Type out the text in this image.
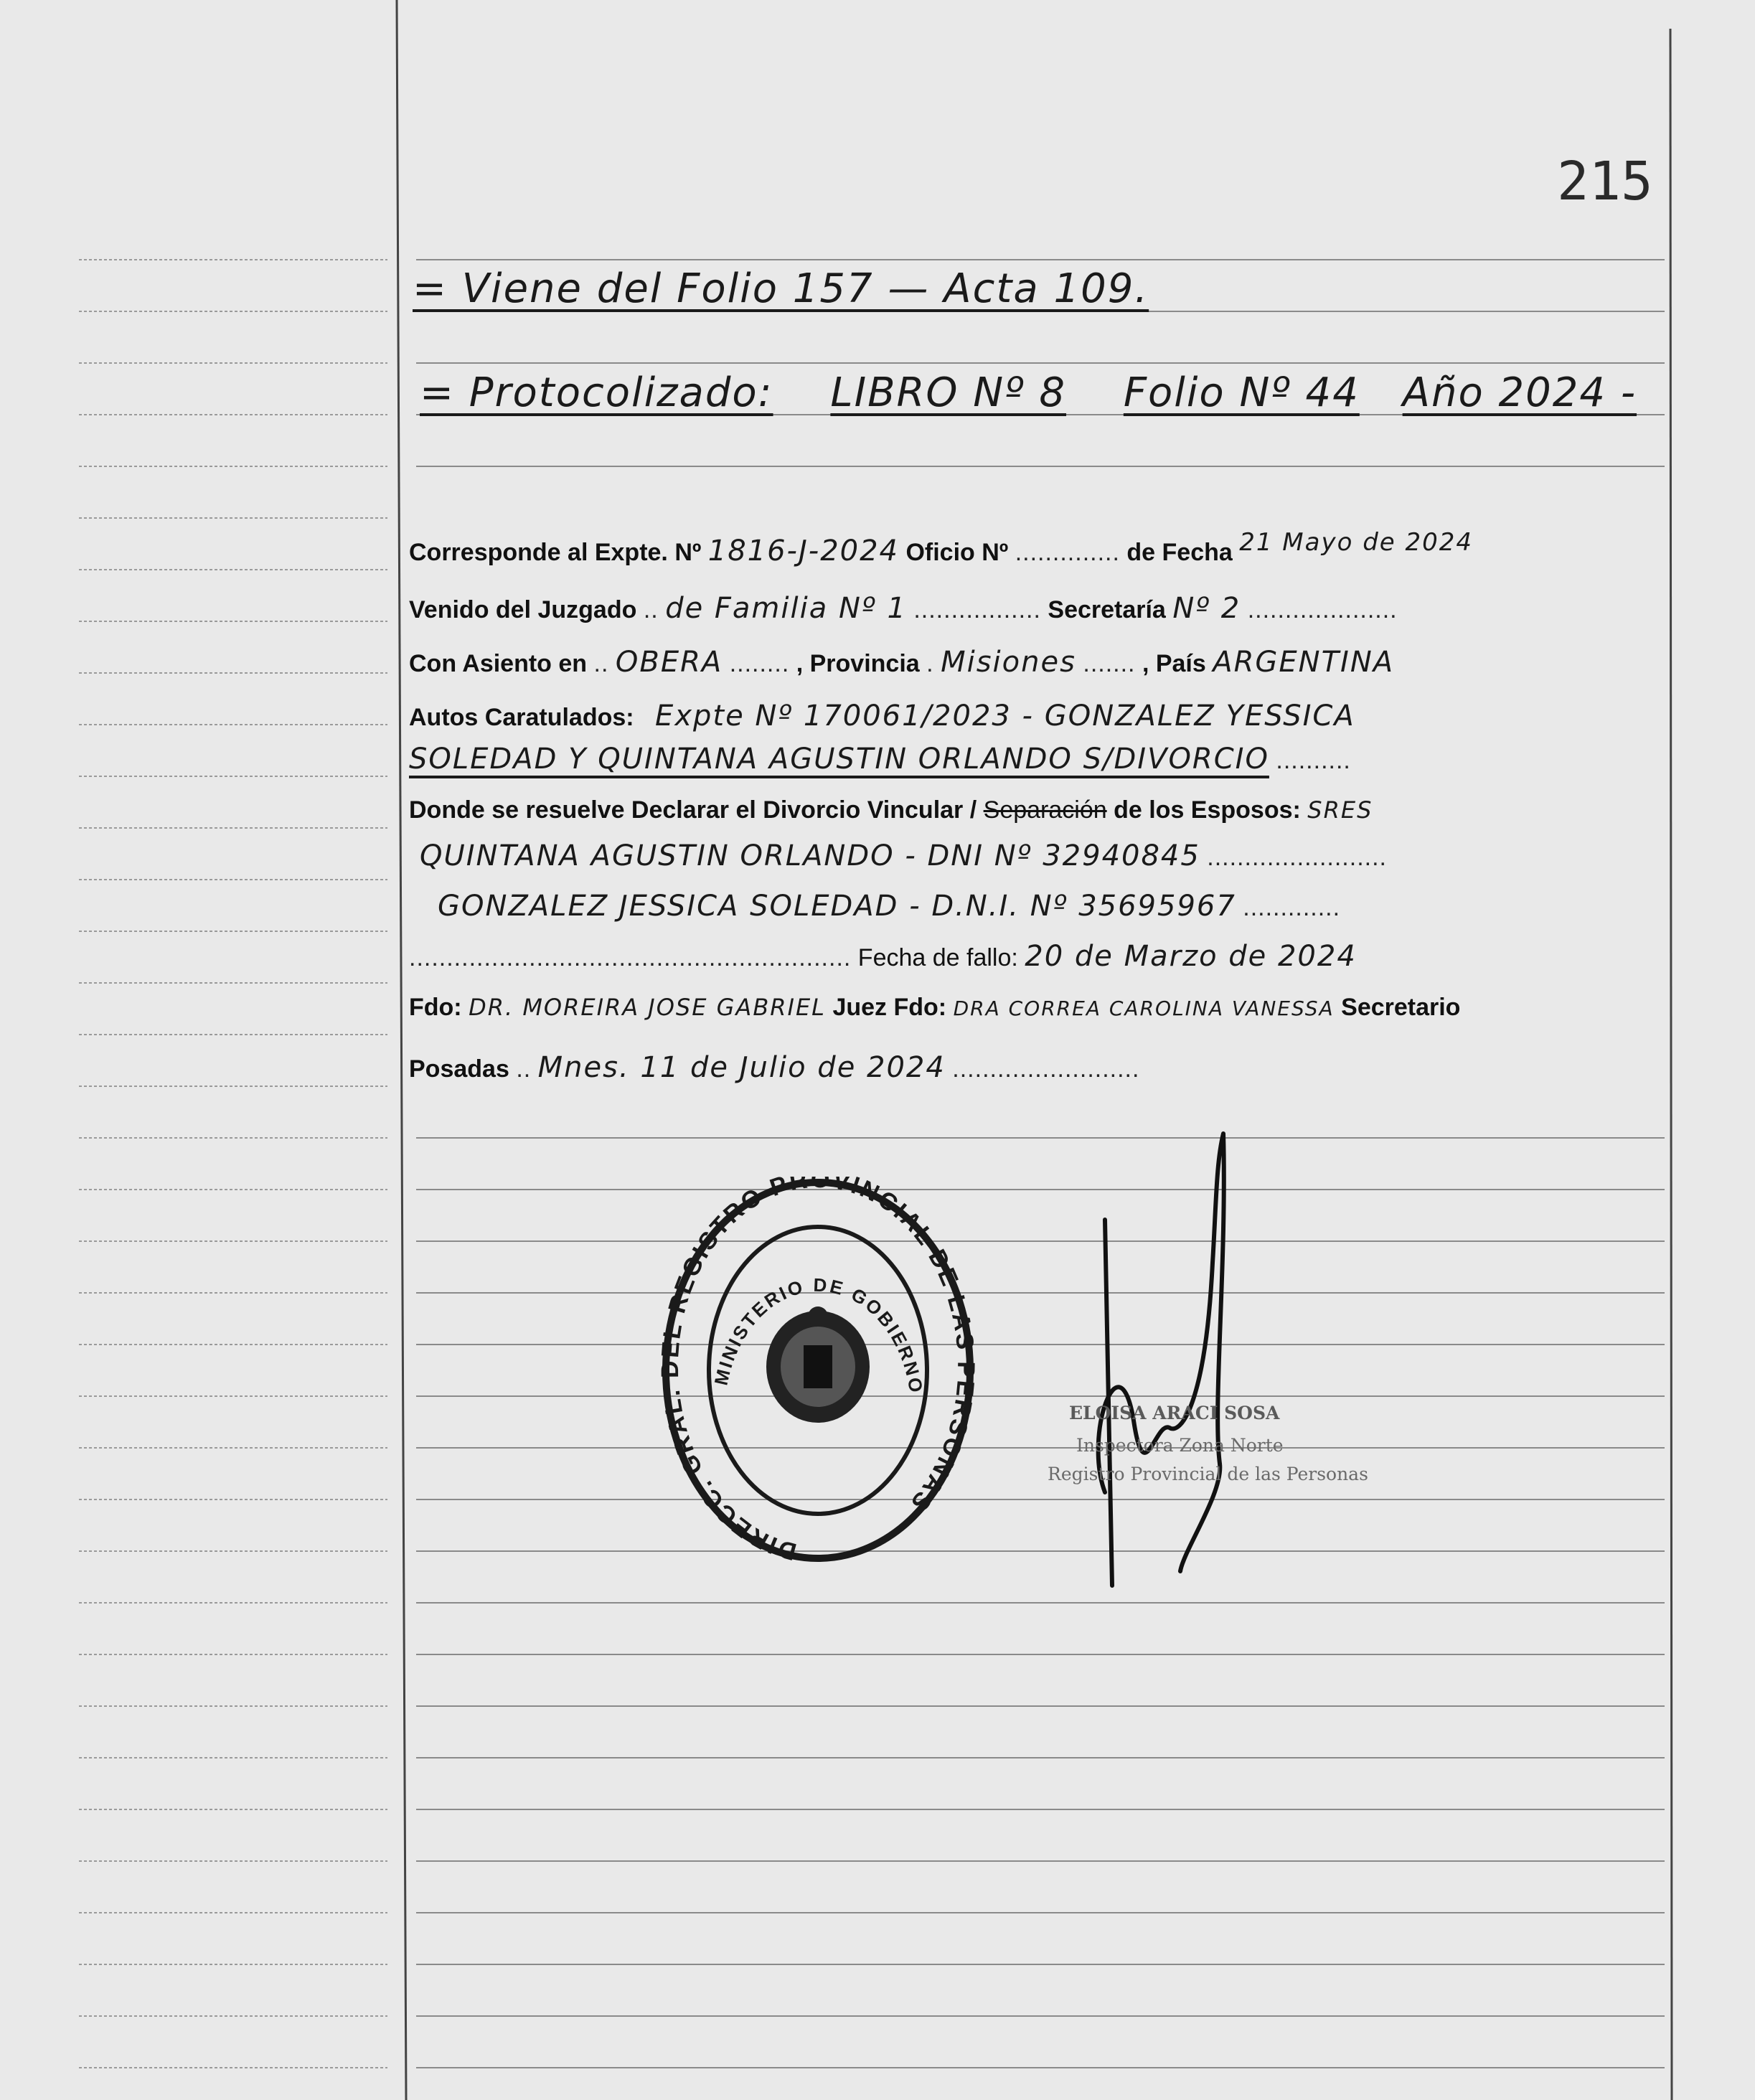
215
= Viene del Folio 157 — Acta 109.
= Protocolizado: LIBRO Nº 8 Folio Nº 44 Año 2024 -
Corresponde al Expte. Nº 1816-J-2024 Oficio Nº .............. de Fecha 21 Mayo de 2024
Venido del Juzgado .. de Familia Nº 1 ................. Secretaría Nº 2 ....................
Con Asiento en .. OBERA ........ , Provincia . Misiones ....... , País ARGENTINA
Autos Caratulados: Expte Nº 170061/2023 - GONZALEZ YESSICA
SOLEDAD Y QUINTANA AGUSTIN ORLANDO S/DIVORCIO ..........
Donde se resuelve Declarar el Divorcio Vincular / Separación de los Esposos: SRES
QUINTANA AGUSTIN ORLANDO - DNI Nº 32940845 ........................
GONZALEZ JESSICA SOLEDAD - D.N.I. Nº 35695967 .............
........................................................... Fecha de fallo: 20 de Marzo de 2024
Fdo: DR. MOREIRA JOSE GABRIEL Juez Fdo: DRA CORREA CAROLINA VANESSA Secretario
Posadas .. Mnes. 11 de Julio de 2024 .........................
DIRECC. GRAL. L REGISTRO PROVINCIAL DE LA RSONAS
MINISTERIO DE GOBIERNO
ELOISA ARACI SOSA
Inspectora Zona Norte
Registro Provincial de las Personas
